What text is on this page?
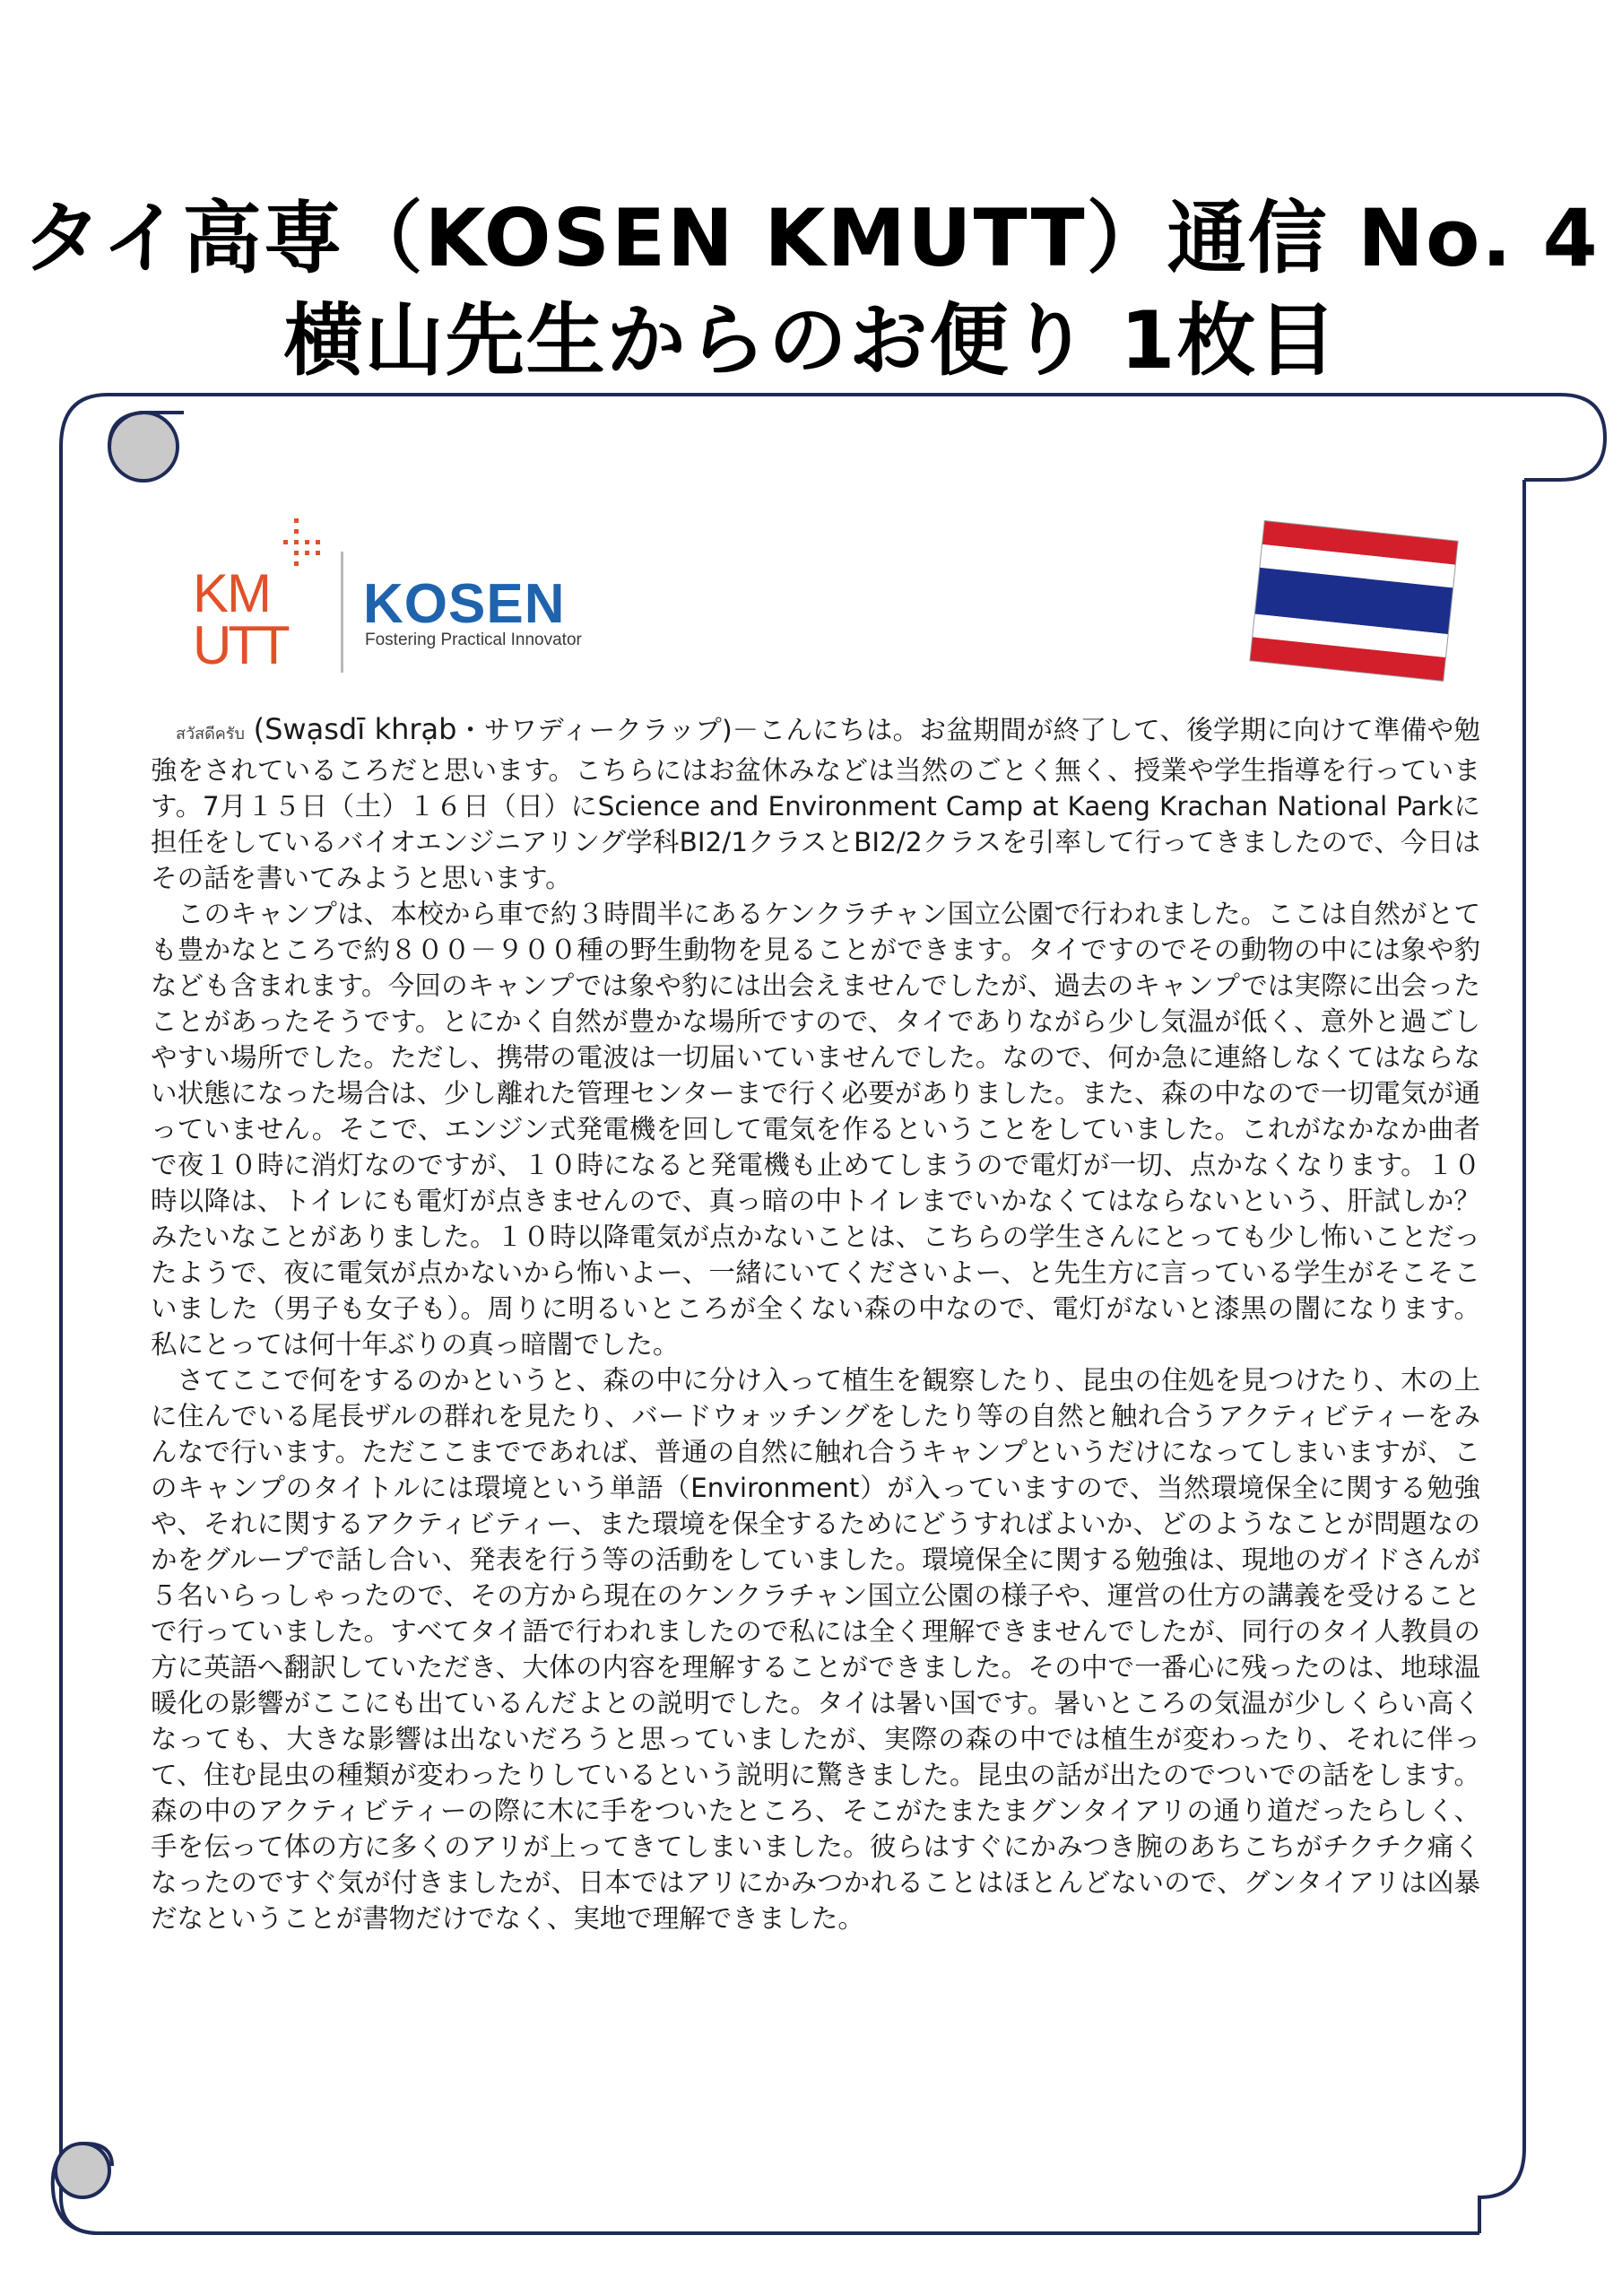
タイ高専（KOSEN KMUTT）通信 No. 4
横山先生からのお便り 1枚目
KM
UTT
KOSEN
Fostering Practical Innovator

สวัสดีครับ (Swạsdī khrạb・サワディークラップ)－こんにちは。お盆期間が終了して、後学期に向けて準備や勉強をされているころだと思います。こちらにはお盆休みなどは当然のごとく無く、授業や学生指導を行っています。7月１５日（土）１６日（日）にScience and Environment Camp at Kaeng Krachan National Parkに担任をしているバイオエンジニアリング学科BI2/1クラスとBI2/2クラスを引率して行ってきましたので、今日はその話を書いてみようと思います。

　このキャンプは、本校から車で約３時間半にあるケンクラチャン国立公園で行われました。ここは自然がとても豊かなところで約８００－９００種の野生動物を見ることができます。タイですのでその動物の中には象や豹なども含まれます。今回のキャンプでは象や豹には出会えませんでしたが、過去のキャンプでは実際に出会ったことがあったそうです。とにかく自然が豊かな場所ですので、タイでありながら少し気温が低く、意外と過ごしやすい場所でした。ただし、携帯の電波は一切届いていませんでした。なので、何か急に連絡しなくてはならない状態になった場合は、少し離れた管理センターまで行く必要がありました。また、森の中なので一切電気が通っていません。そこで、エンジン式発電機を回して電気を作るということをしていました。これがなかなか曲者で夜１０時に消灯なのですが、１０時になると発電機も止めてしまうので電灯が一切、点かなくなります。１０時以降は、トイレにも電灯が点きませんので、真っ暗の中トイレまでいかなくてはならないという、肝試しか？みたいなことがありました。１０時以降電気が点かないことは、こちらの学生さんにとっても少し怖いことだったようで、夜に電気が点かないから怖いよー、一緒にいてくださいよー、と先生方に言っている学生がそこそこいました（男子も女子も）。周りに明るいところが全くない森の中なので、電灯がないと漆黒の闇になります。私にとっては何十年ぶりの真っ暗闇でした。

　さてここで何をするのかというと、森の中に分け入って植生を観察したり、昆虫の住処を見つけたり、木の上に住んでいる尾長ザルの群れを見たり、バードウォッチングをしたり等の自然と触れ合うアクティビティーをみんなで行います。ただここまでであれば、普通の自然に触れ合うキャンプというだけになってしまいますが、このキャンプのタイトルには環境という単語（Environment）が入っていますので、当然環境保全に関する勉強や、それに関するアクティビティー、また環境を保全するためにどうすればよいか、どのようなことが問題なのかをグループで話し合い、発表を行う等の活動をしていました。環境保全に関する勉強は、現地のガイドさんが５名いらっしゃったので、その方から現在のケンクラチャン国立公園の様子や、運営の仕方の講義を受けることで行っていました。すべてタイ語で行われましたので私には全く理解できませんでしたが、同行のタイ人教員の方に英語へ翻訳していただき、大体の内容を理解することができました。その中で一番心に残ったのは、地球温暖化の影響がここにも出ているんだよとの説明でした。タイは暑い国です。暑いところの気温が少しくらい高くなっても、大きな影響は出ないだろうと思っていましたが、実際の森の中では植生が変わったり、それに伴って、住む昆虫の種類が変わったりしているという説明に驚きました。昆虫の話が出たのでついでの話をします。森の中のアクティビティーの際に木に手をついたところ、そこがたまたまグンタイアリの通り道だったらしく、手を伝って体の方に多くのアリが上ってきてしまいました。彼らはすぐにかみつき腕のあちこちがチクチク痛くなったのですぐ気が付きましたが、日本ではアリにかみつかれることはほとんどないので、グンタイアリは凶暴だなということが書物だけでなく、実地で理解できました。
